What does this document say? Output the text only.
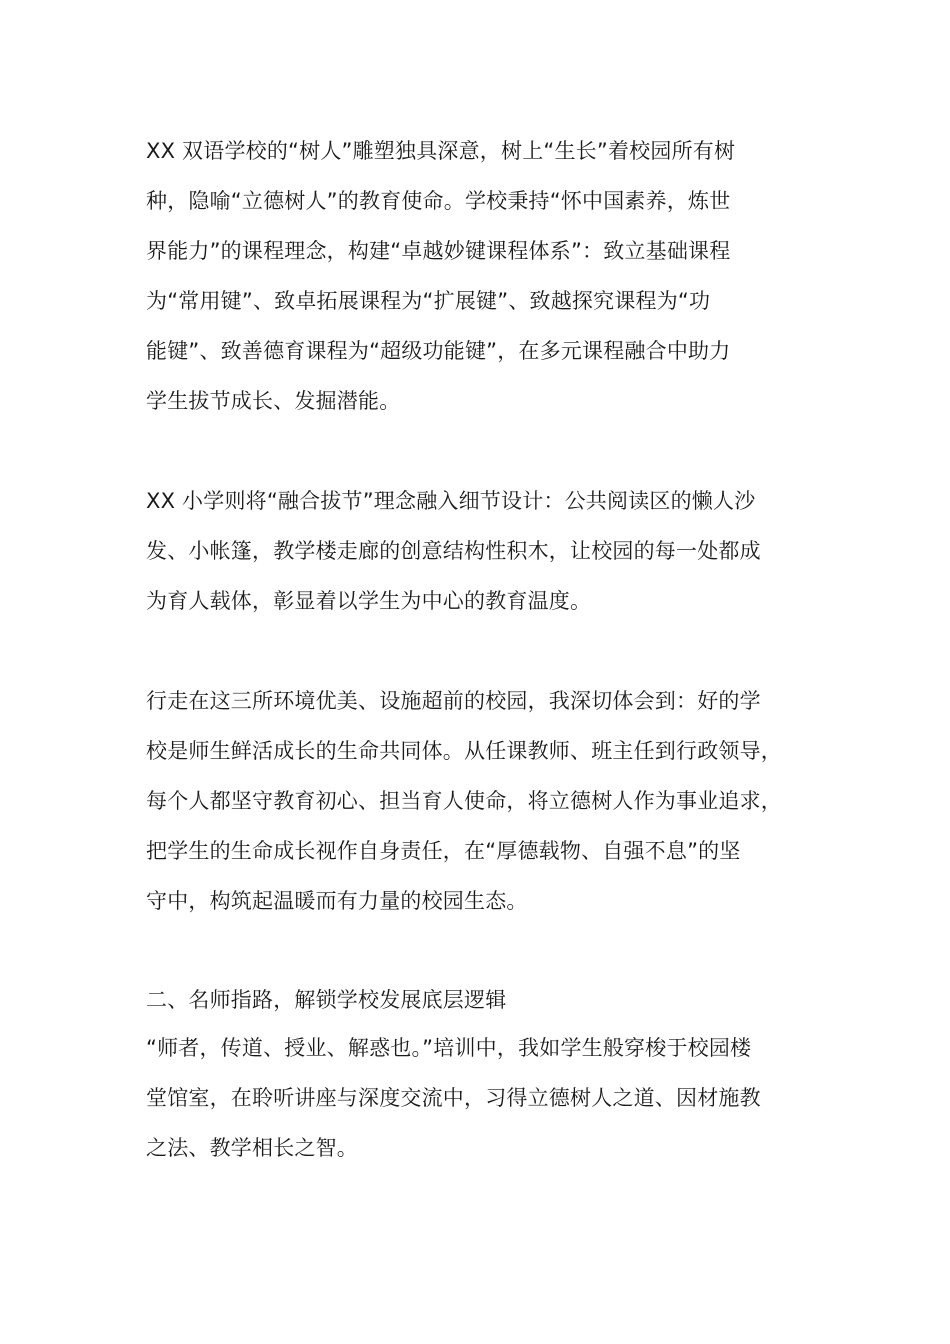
XX 双语学校的“树人”雕塑独具深意，树上“生长”着校园所有树
种，隐喻“立德树人”的教育使命。学校秉持“怀中国素养，炼世
界能力”的课程理念，构建“卓越妙键课程体系”：致立基础课程
为“常用键”、致卓拓展课程为“扩展键”、致越探究课程为“功
能键”、致善德育课程为“超级功能键”，在多元课程融合中助力
学生拔节成长、发掘潜能。
XX 小学则将“融合拔节”理念融入细节设计：公共阅读区的懒人沙
发、小帐篷，教学楼走廊的创意结构性积木，让校园的每一处都成
为育人载体，彰显着以学生为中心的教育温度。
行走在这三所环境优美、设施超前的校园，我深切体会到：好的学
校是师生鲜活成长的生命共同体。从任课教师、班主任到行政领导，
每个人都坚守教育初心、担当育人使命，将立德树人作为事业追求，
把学生的生命成长视作自身责任，在“厚德载物、自强不息”的坚
守中，构筑起温暖而有力量的校园生态。
二、名师指路，解锁学校发展底层逻辑
“师者，传道、授业、解惑也。”培训中，我如学生般穿梭于校园楼
堂馆室，在聆听讲座与深度交流中，习得立德树人之道、因材施教
之法、教学相长之智。
